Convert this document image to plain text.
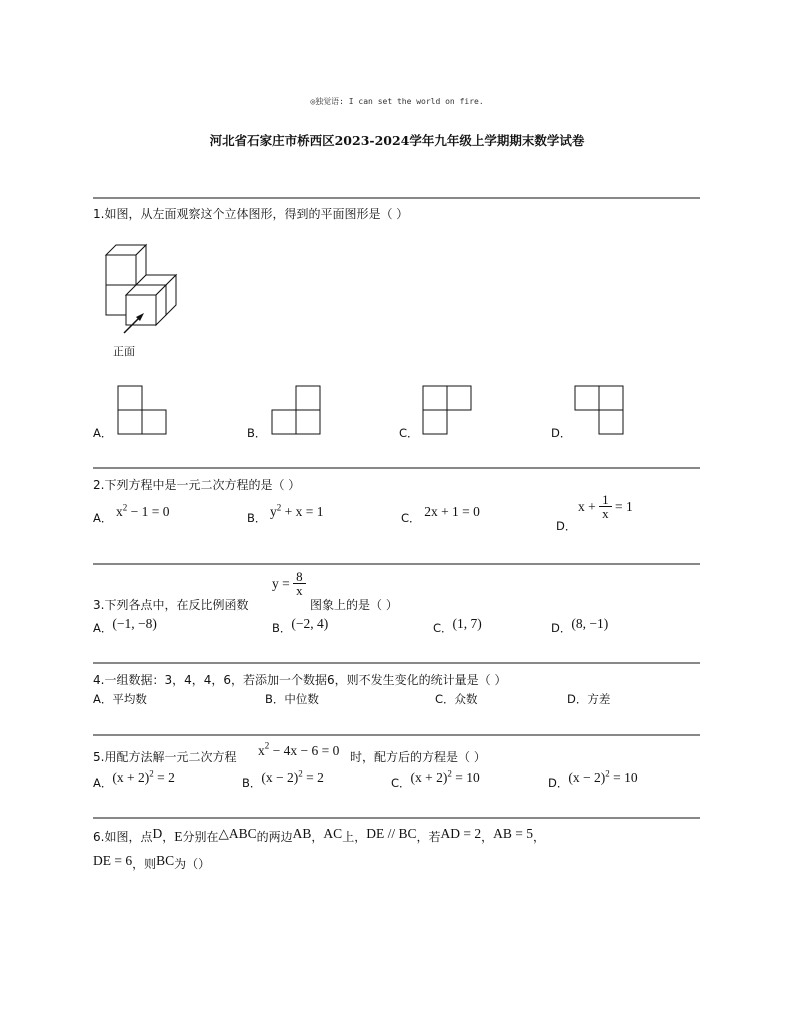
◎独觉语: I can set the world on fire.
河北省石家庄市桥西区2023-2024学年九年级上学期期末数学试卷
1.如图，从左面观察这个立体图形，得到的平面图形是（ ）
正面
A．	B．	C．	D．
2.下列方程中是一元二次方程的是（ ）
A． $x^2 - 1 = 0$	B． $y^2 + x = 1$	C． 2x + 1 = 0
D．
$x + \frac{1}{x} = 1$
3.下列各点中，在反比例函数
$y = \frac{8}{x}$
图象上的是（ ）
A．(−1, −8)	B．(−2, 4)	C．(1, 7)	D．(8, −1)
4.一组数据：3，4，4，6，若添加一个数据6，则不发生变化的统计量是（ ）
A．平均数	B．中位数	C．众数	D．方差
5.用配方法解一元二次方程 $x^2 - 4x - 6 = 0$ 时，配方后的方程是（ ）
A．$(x + 2)^2 = 2$	B．$(x - 2)^2 = 2$	C．$(x + 2)^2 = 10$	D．$(x - 2)^2 = 10$
6.如图，点D，E分别在△ABC的两边AB，AC上，DE // BC，若AD = 2，AB = 5，
DE = 6，则BC为（）
